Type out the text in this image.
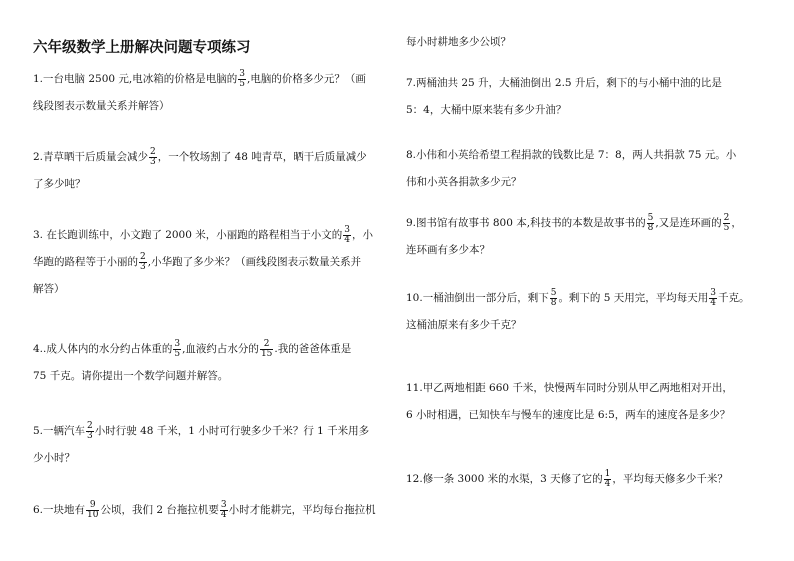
六年级数学上册解决问题专项练习
1.一台电脑 2500 元,电冰箱的价格是电脑的 $\frac{3}{5}$ ,电脑的价格多少元？（画
线段图表示数量关系并解答）
2.青草晒干后质量会减少 $\frac{2}{3}$ ，一个牧场割了 48 吨青草，晒干后质量减少
了多少吨？
3. 在长跑训练中，小文跑了 2000 米，小丽跑的路程相当于小文的 $\frac{3}{4}$ ，小
华跑的路程等于小丽的 $\frac{2}{3}$ ,小华跑了多少米？（画线段图表示数量关系并
解答）
4..成人体内的水分约占体重的 $\frac{3}{5}$ ,血液约占水分的 $\frac{2}{15}$ .我的爸爸体重是
75 千克。请你提出一个数学问题并解答。
5.一辆汽车 $\frac{2}{3}$ 小时行驶 48 千米，1 小时可行驶多少千米？行 1 千米用多
少小时？
6.一块地有 $\frac{9}{10}$ 公顷，我们 2 台拖拉机要 $\frac{3}{4}$ 小时才能耕完，平均每台拖拉机
每小时耕地多少公顷？
7.两桶油共 25 升，大桶油倒出 2.5 升后，剩下的与小桶中油的比是
5：4，大桶中原来装有多少升油？
8.小伟和小英给希望工程捐款的钱数比是 7：8，两人共捐款 75 元。小
伟和小英各捐款多少元？
9.图书馆有故事书 800 本,科技书的本数是故事书的 $\frac{5}{8}$ ,又是连环画的 $\frac{2}{5}$ ，
连环画有多少本？
10.一桶油倒出一部分后，剩下 $\frac{5}{8}$ 。剩下的 5 天用完，平均每天用 $\frac{3}{4}$ 千克。
这桶油原来有多少千克？
11.甲乙两地相距 660 千米，快慢两车同时分别从甲乙两地相对开出，
6 小时相遇，已知快车与慢车的速度比是 6:5，两车的速度各是多少？
12.修一条 3000 米的水渠，3 天修了它的 $\frac{1}{4}$ ，平均每天修多少千米？
